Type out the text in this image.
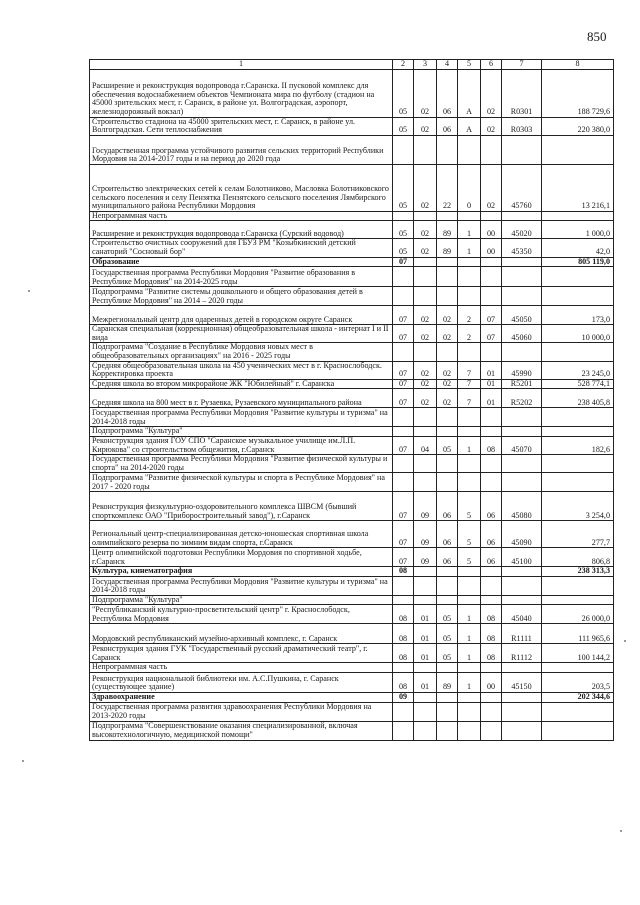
850
1	2	3	4	5	6	7	8
Расширение и реконструкция водопровода г.Саранска. II пусковой комплекс для обеспечения водоснабжением объектов Чемпионата мира по футболу (стадион на 45000 зрительских мест, г. Саранск, в районе ул. Волгоградская, аэропорт, железнодорожный вокзал)	05	02	06	А	02	R0301	188 729,6
Строительство стадиона на 45000 зрительских мест, г. Саранск, в районе ул. Волгоградская. Сети теплоснабжения	05	02	06	А	02	R0303	220 380,0
Государственная программа устойчивого развития сельских территорий Республики Мордовия на 2014-2017 годы и на период до 2020 года							
Строительство электрических сетей к селам Болотниково, Масловка Болотниковского сельского поселения и селу Пензятка Пензятского сельского поселения Лямбирского муниципального района Республики Мордовия	05	02	22	0	02	45760	13 216,1
Непрограммная часть							
Расширение и реконструкция водопровода г.Саранска (Сурский водовод)	05	02	89	1	00	45020	1 000,0
Строительство очистных сооружений для ГБУЗ РМ "Козыбкинский детский санаторий "Сосновый бор"	05	02	89	1	00	45350	42,0
Образование	07						805 119,0
Государственная программа Республики Мордовия "Развитие образования в Республике Мордовия" на 2014-2025 годы							
Подпрограмма "Развитие системы дошкольного и общего образования детей в Республике Мордовия" на 2014 – 2020 годы							
Межрегиональный центр для одаренных детей в городском округе Саранск	07	02	02	2	07	45050	173,0
Саранская специальная (коррекционная) общеобразовательная школа - интернат I и II вида	07	02	02	2	07	45060	10 000,0
Подпрограмма "Создание в Республике Мордовия новых мест в общеобразовательных организациях" на 2016 - 2025 годы							
Средняя общеобразовательная школа на 450 ученических мест в г. Краснослободск. Корректировка проекта	07	02	02	7	01	45990	23 245,0
Средняя школа во втором микрорайоне ЖК "Юбилейный" г. Саранска	07	02	02	7	01	R5201	528 774,1
Средняя школа на 800 мест в г. Рузаевка, Рузаевского муниципального района	07	02	02	7	01	R5202	238 405,8
Государственная программа Республики Мордовия "Развитие культуры и туризма" на 2014-2018 годы							
Подпрограмма "Культура"							
Реконструкция здания ГОУ СПО "Саранское музыкальное училище им.Л.П. Кирюкова" со строительством общежития, г.Саранск	07	04	05	1	08	45070	182,6
Государственная программа Республики Мордовия "Развитие физической культуры и спорта" на 2014-2020 годы							
Подпрограмма "Развитие физической культуры и спорта в Республике Мордовия" на 2017 - 2020 годы							
Реконструкция физкультурно-оздоровительного комплекса ШВСМ (бывший спорткомплекс ОАО "Приборостроительный завод"), г.Саранск	07	09	06	5	06	45080	3 254,0
Региональный центр-специализированная детско-юношеская спортивная школа олимпийского резерва по зимним видам спорта, г.Саранск	07	09	06	5	06	45090	277,7
Центр олимпийской подготовки Республики Мордовия по спортивной ходьбе, г.Саранск	07	09	06	5	06	45100	806,8
Культура, кинематография	08						238 313,3
Государственная программа Республики Мордовия "Развитие культуры и туризма" на 2014-2018 годы							
Подпрограмма "Культура"							
"Республиканский культурно-просветительский центр" г. Краснослободск, Республика Мордовия	08	01	05	1	08	45040	26 000,0
Мордовский республиканский музейно-архивный комплекс, г. Саранск	08	01	05	1	08	R1111	111 965,6
Реконструкция здания ГУК "Государственный русский драматический театр", г. Саранск	08	01	05	1	08	R1112	100 144,2
Непрограммная часть							
Реконструкция национальной библиотеки им. А.С.Пушкина, г. Саранск (существующее здание)	08	01	89	1	00	45150	203,5
Здравоохранение	09						202 344,6
Государственная программа развития здравоохранения Республики Мордовия на 2013-2020 годы							
Подпрограмма "Совершенствование оказания специализированной, включая высокотехнологичную, медицинской помощи"							
